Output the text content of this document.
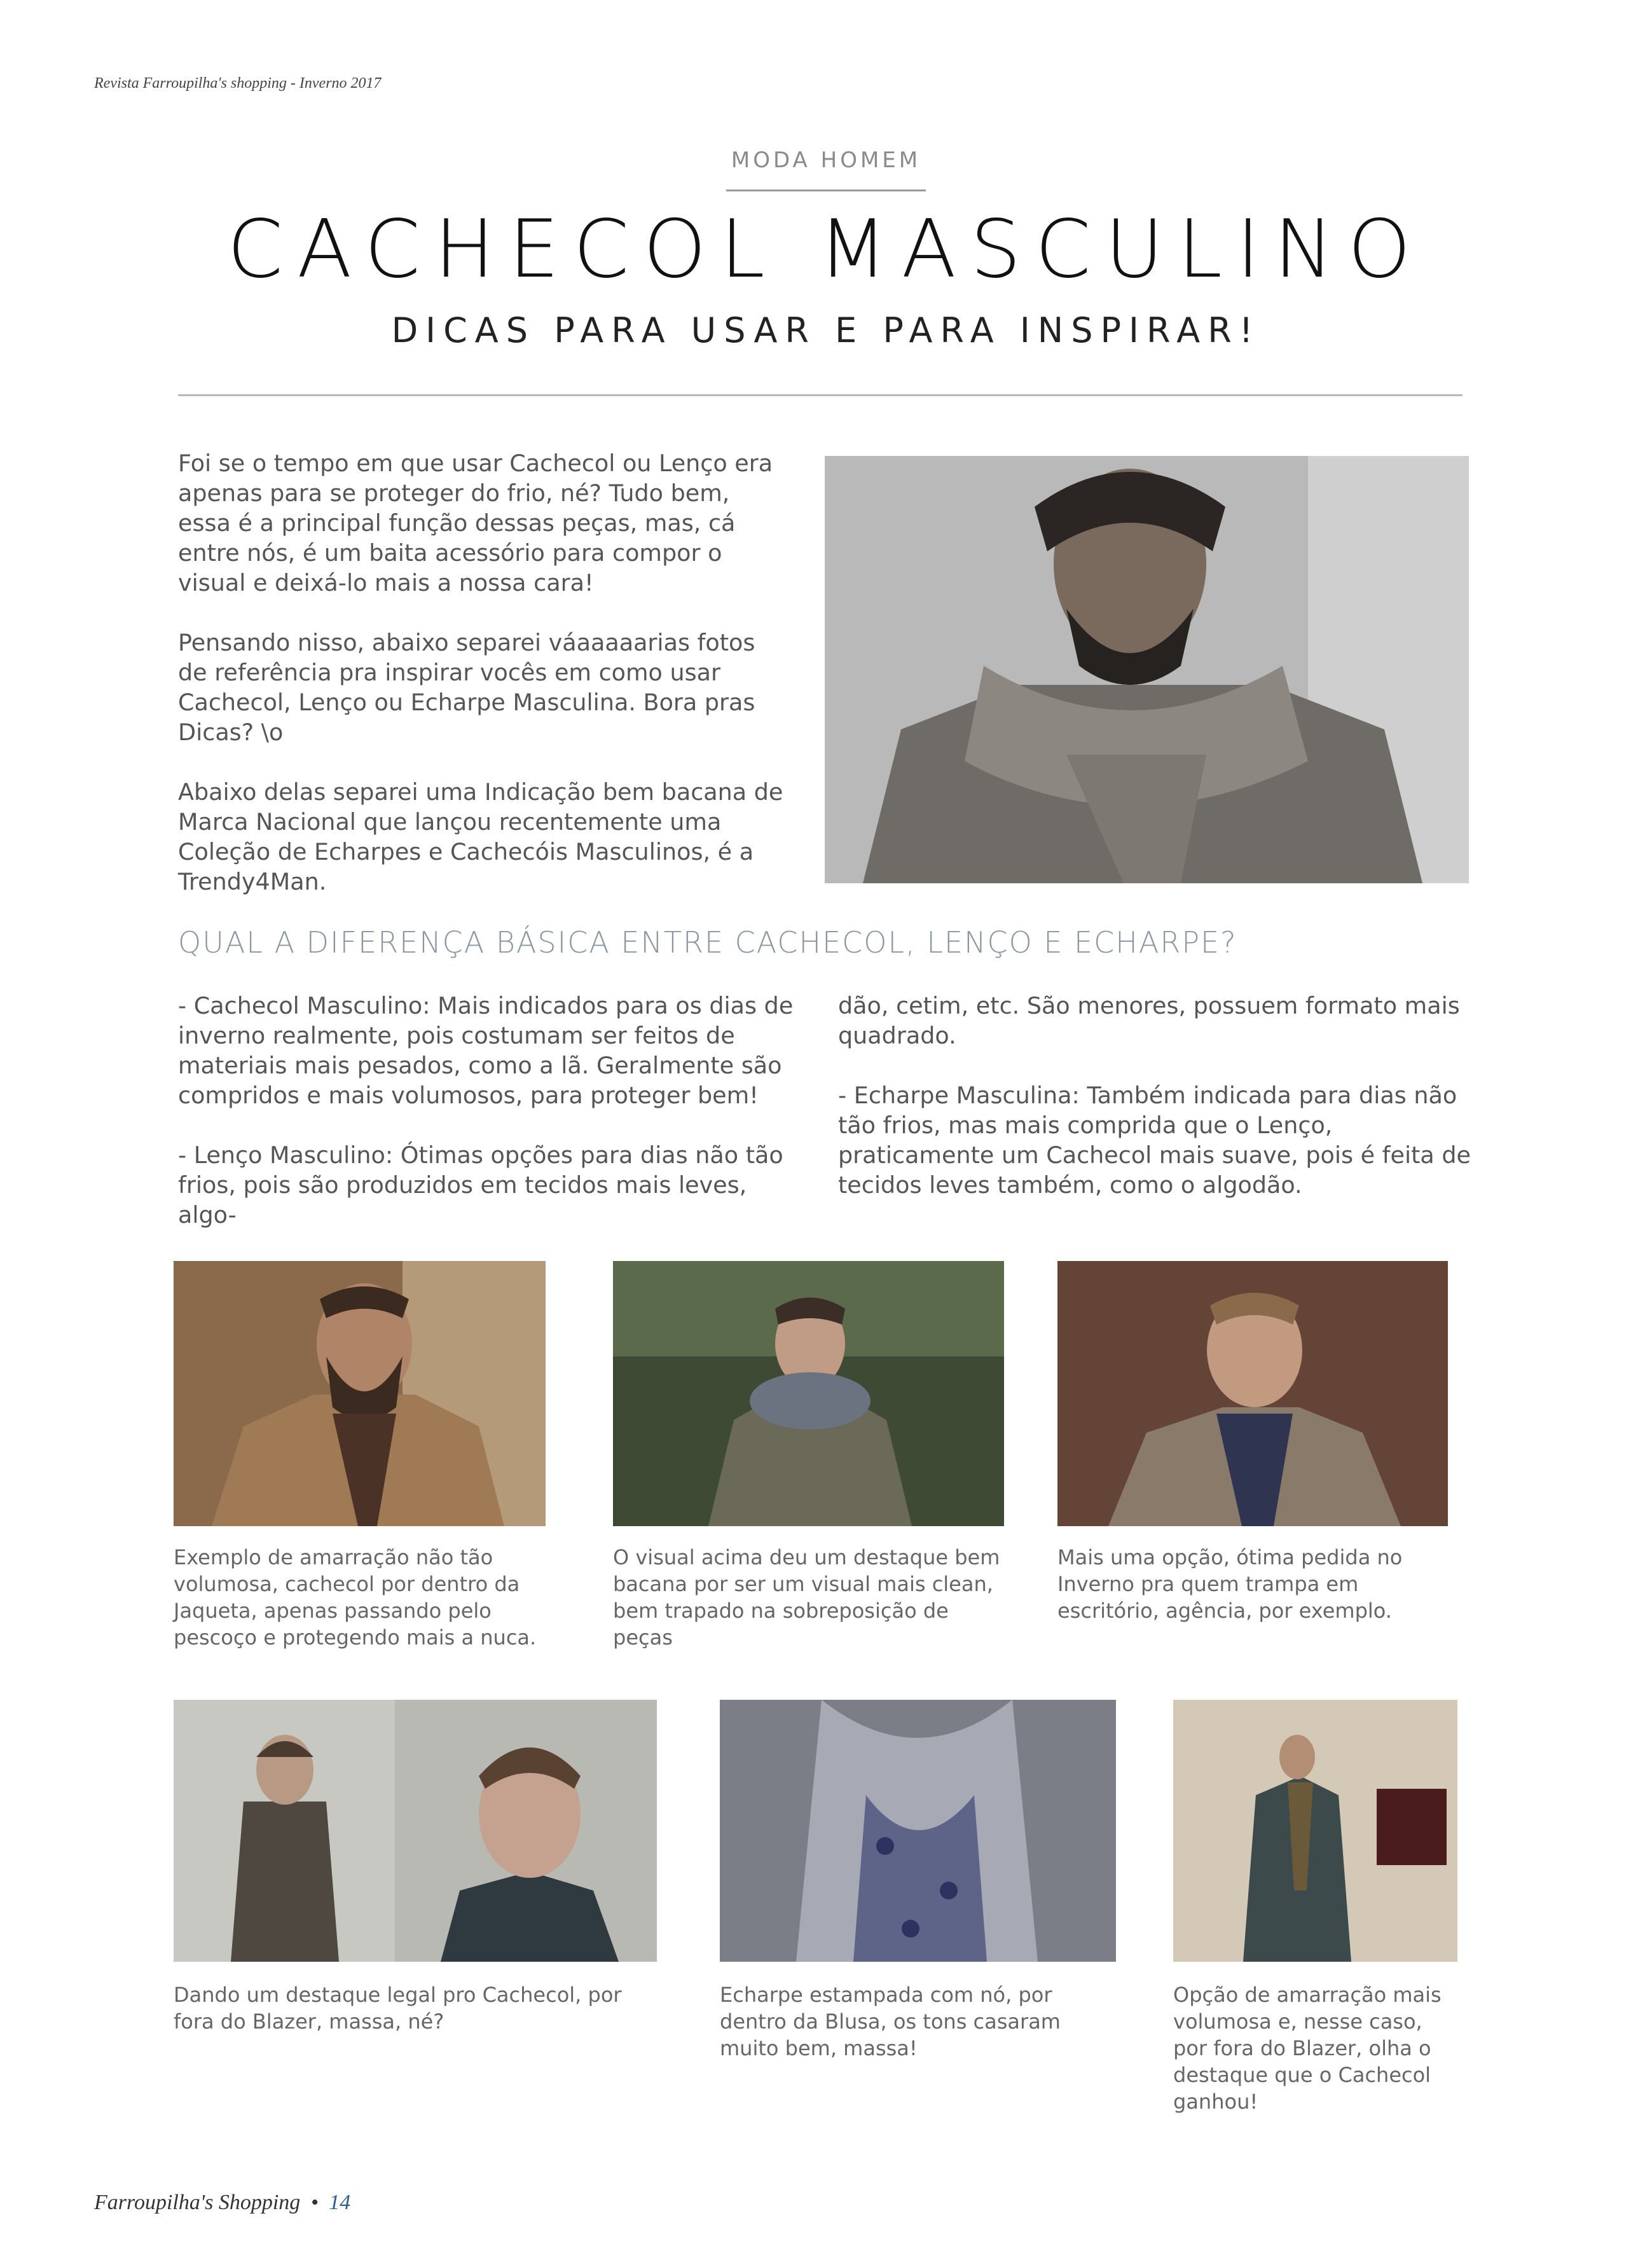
Revista Farroupilha's shopping - Inverno 2017
MODA HOMEM
CACHECOL MASCULINO
DICAS PARA USAR E PARA INSPIRAR!

Foi se o tempo em que usar Cachecol ou Lenço era apenas para se proteger do frio, né? Tudo bem, essa é a principal função dessas peças, mas, cá entre nós, é um baita acessório para compor o visual e deixá-lo mais a nossa cara!

Pensando nisso, abaixo separei váaaaaarias fotos de referência pra inspirar vocês em como usar Cachecol, Lenço ou Echarpe Masculina. Bora pras Dicas? \o

Abaixo delas separei uma Indicação bem bacana de Marca Nacional que lançou recentemente uma Coleção de Echarpes e Cachecóis Masculinos, é a Trendy4Man.

QUAL A DIFERENÇA BÁSICA ENTRE CACHECOL, LENÇO E ECHARPE?

- Cachecol Masculino: Mais indicados para os dias de inverno realmente, pois costumam ser feitos de materiais mais pesados, como a lã. Geralmente são compridos e mais volumosos, para proteger bem!

- Lenço Masculino: Ótimas opções para dias não tão frios, pois são produzidos em tecidos mais leves, algo-

dão, cetim, etc. São menores, possuem formato mais quadrado.

- Echarpe Masculina: Também indicada para dias não tão frios, mas mais comprida que o Lenço, praticamente um Cachecol mais suave, pois é feita de tecidos leves também, como o algodão.

Exemplo de amarração não tão volumosa, cachecol por dentro da Jaqueta, apenas passando pelo pescoço e protegendo mais a nuca.
O visual acima deu um destaque bem bacana por ser um visual mais clean, bem trapado na sobreposição de peças
Mais uma opção, ótima pedida no Inverno pra quem trampa em escritório, agência, por exemplo.
Dando um destaque legal pro Cachecol, por fora do Blazer, massa, né?
Echarpe estampada com nó, por dentro da Blusa, os tons casaram muito bem, massa!
Opção de amarração mais volumosa e, nesse caso, por fora do Blazer, olha o destaque que o Cachecol ganhou!
Farroupilha's Shopping • 14
